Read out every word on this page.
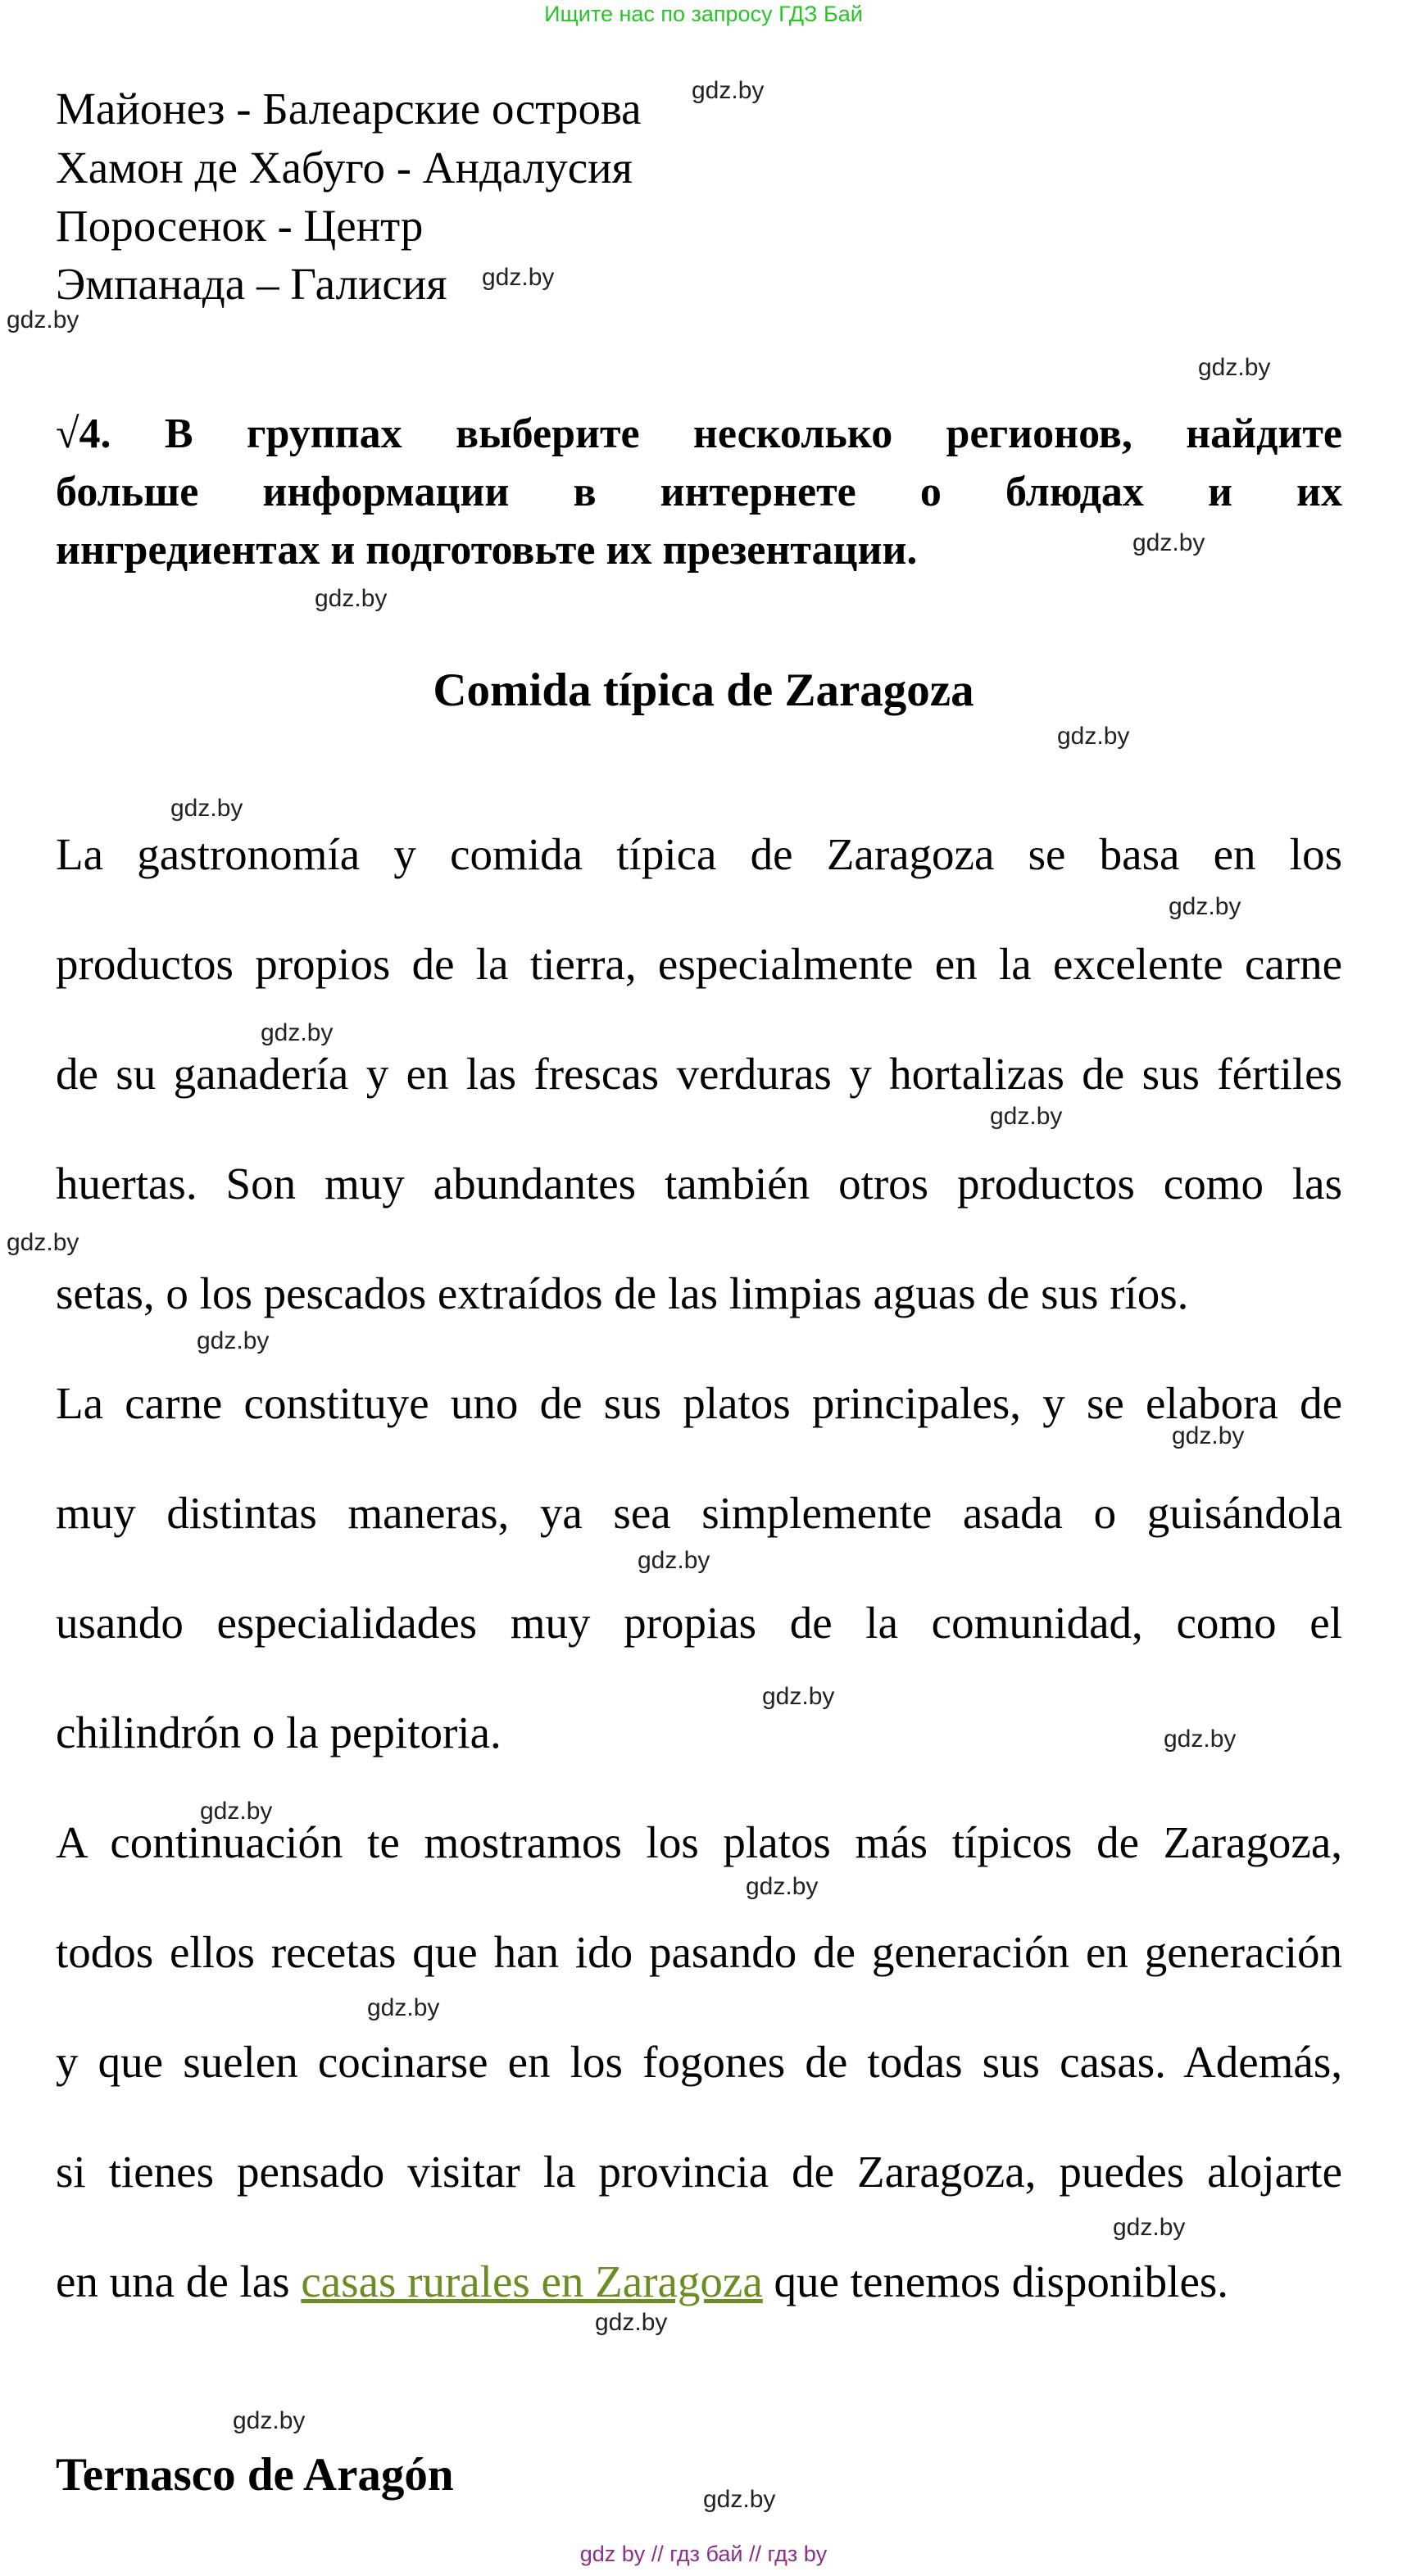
Ищите нас по запросу ГДЗ Бай

Майонез - Балеарские острова

Хамон де Хабуго - Андалусия

Поросенок - Центр

Эмпанада – Галисия

√4. В группах выберите несколько регионов, найдите
больше информации в интернете о блюдах и их
ингредиентах и подготовьте их презентации.
Comida típica de Zaragoza

La gastronomía y comida típica de Zaragoza se basa en los

productos propios de la tierra, especialmente en la excelente carne

de su ganadería y en las frescas verduras y hortalizas de sus fértiles

huertas. Son muy abundantes también otros productos como las

setas, o los pescados extraídos de las limpias aguas de sus ríos.

La carne constituye uno de sus platos principales, y se elabora de

muy distintas maneras, ya sea simplemente asada o guisándola

usando especialidades muy propias de la comunidad, como el

chilindrón o la pepitoria.

A continuación te mostramos los platos más típicos de Zaragoza,

todos ellos recetas que han ido pasando de generación en generación

y que suelen cocinarse en los fogones de todas sus casas. Además,

si tienes pensado visitar la provincia de Zaragoza, puedes alojarte

en una de las casas rurales en Zaragoza que tenemos disponibles.

Ternasco de Aragón
gdz.by
gdz.by
gdz.by
gdz.by
gdz.by
gdz.by
gdz.by
gdz.by
gdz.by
gdz.by
gdz.by
gdz.by
gdz.by
gdz.by
gdz.by
gdz.by
gdz.by
gdz.by
gdz.by
gdz.by
gdz.by
gdz.by
gdz.by
gdz.by
gdz by // гдз бай // гдз by
